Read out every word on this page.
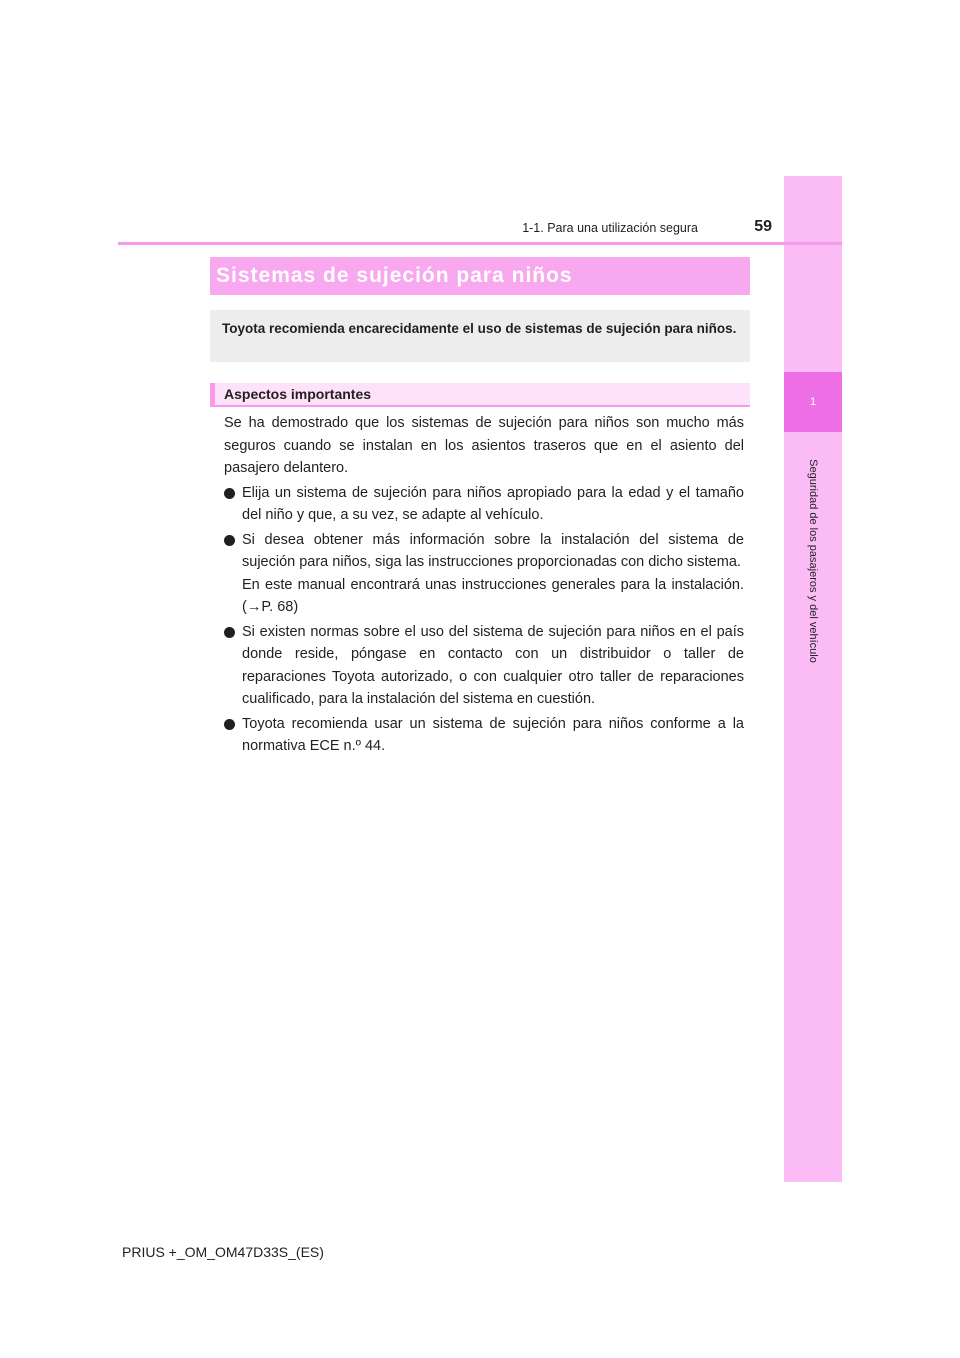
1
Seguridad de los pasajeros y del vehículo
1-1. Para una utilización segura	59
Sistemas de sujeción para niños
Toyota recomienda encarecidamente el uso de sistemas de sujeción para niños.
Aspectos importantes

Se ha demostrado que los sistemas de sujeción para niños son mucho más seguros cuando se instalan en los asientos traseros que en el asiento del pasajero delantero.

Elija un sistema de sujeción para niños apropiado para la edad y el tamaño del niño y que, a su vez, se adapte al vehículo.

Si desea obtener más información sobre la instalación del sistema de sujeción para niños, siga las instrucciones proporcionadas con dicho sistema.

En este manual encontrará unas instrucciones generales para la instalación. (→P. 68)

Si existen normas sobre el uso del sistema de sujeción para niños en el país donde reside, póngase en contacto con un distribuidor o taller de reparaciones Toyota autorizado, o con cualquier otro taller de reparaciones cualificado, para la instalación del sistema en cuestión.

Toyota recomienda usar un sistema de sujeción para niños conforme a la normativa ECE n.º 44.

PRIUS +_OM_OM47D33S_(ES)
